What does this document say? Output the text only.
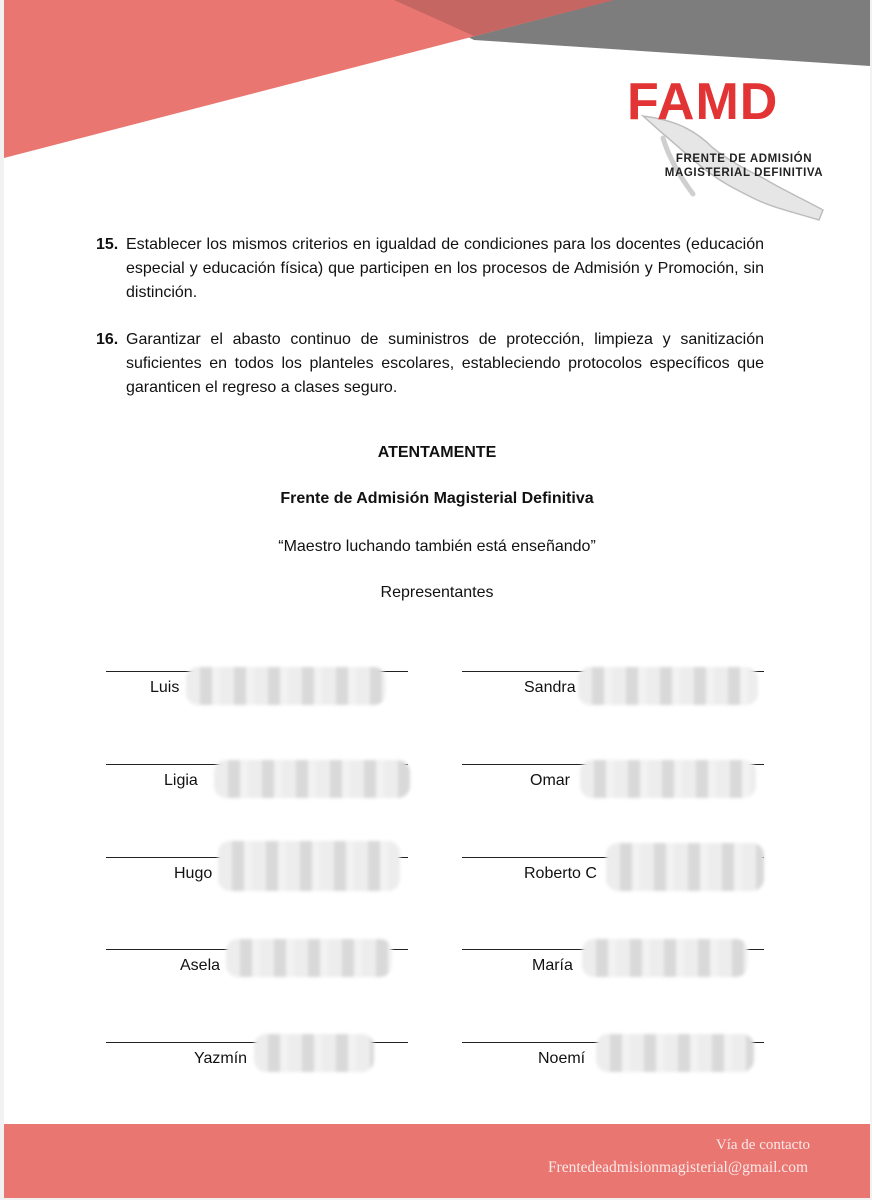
FAMD
FRENTE DE ADMISIÓN
MAGISTERIAL DEFINITIVA
15. Establecer los mismos criterios en igualdad de condiciones para los docentes (educación especial y educación física) que participen en los procesos de Admisión y Promoción, sin distinción.
16. Garantizar el abasto continuo de suministros de protección, limpieza y sanitización suficientes en todos los planteles escolares, estableciendo protocolos específicos que garanticen el regreso a clases seguro.
ATENTAMENTE
Frente de Admisión Magisterial Definitiva
“Maestro luchando también está enseñando”
Representantes
Luis
Ligia
Hugo
Asela
Yazmín
Sandra
Omar
Roberto C
María
Noemí
Vía de contacto
Frentedeadmisionmagisterial@gmail.com
